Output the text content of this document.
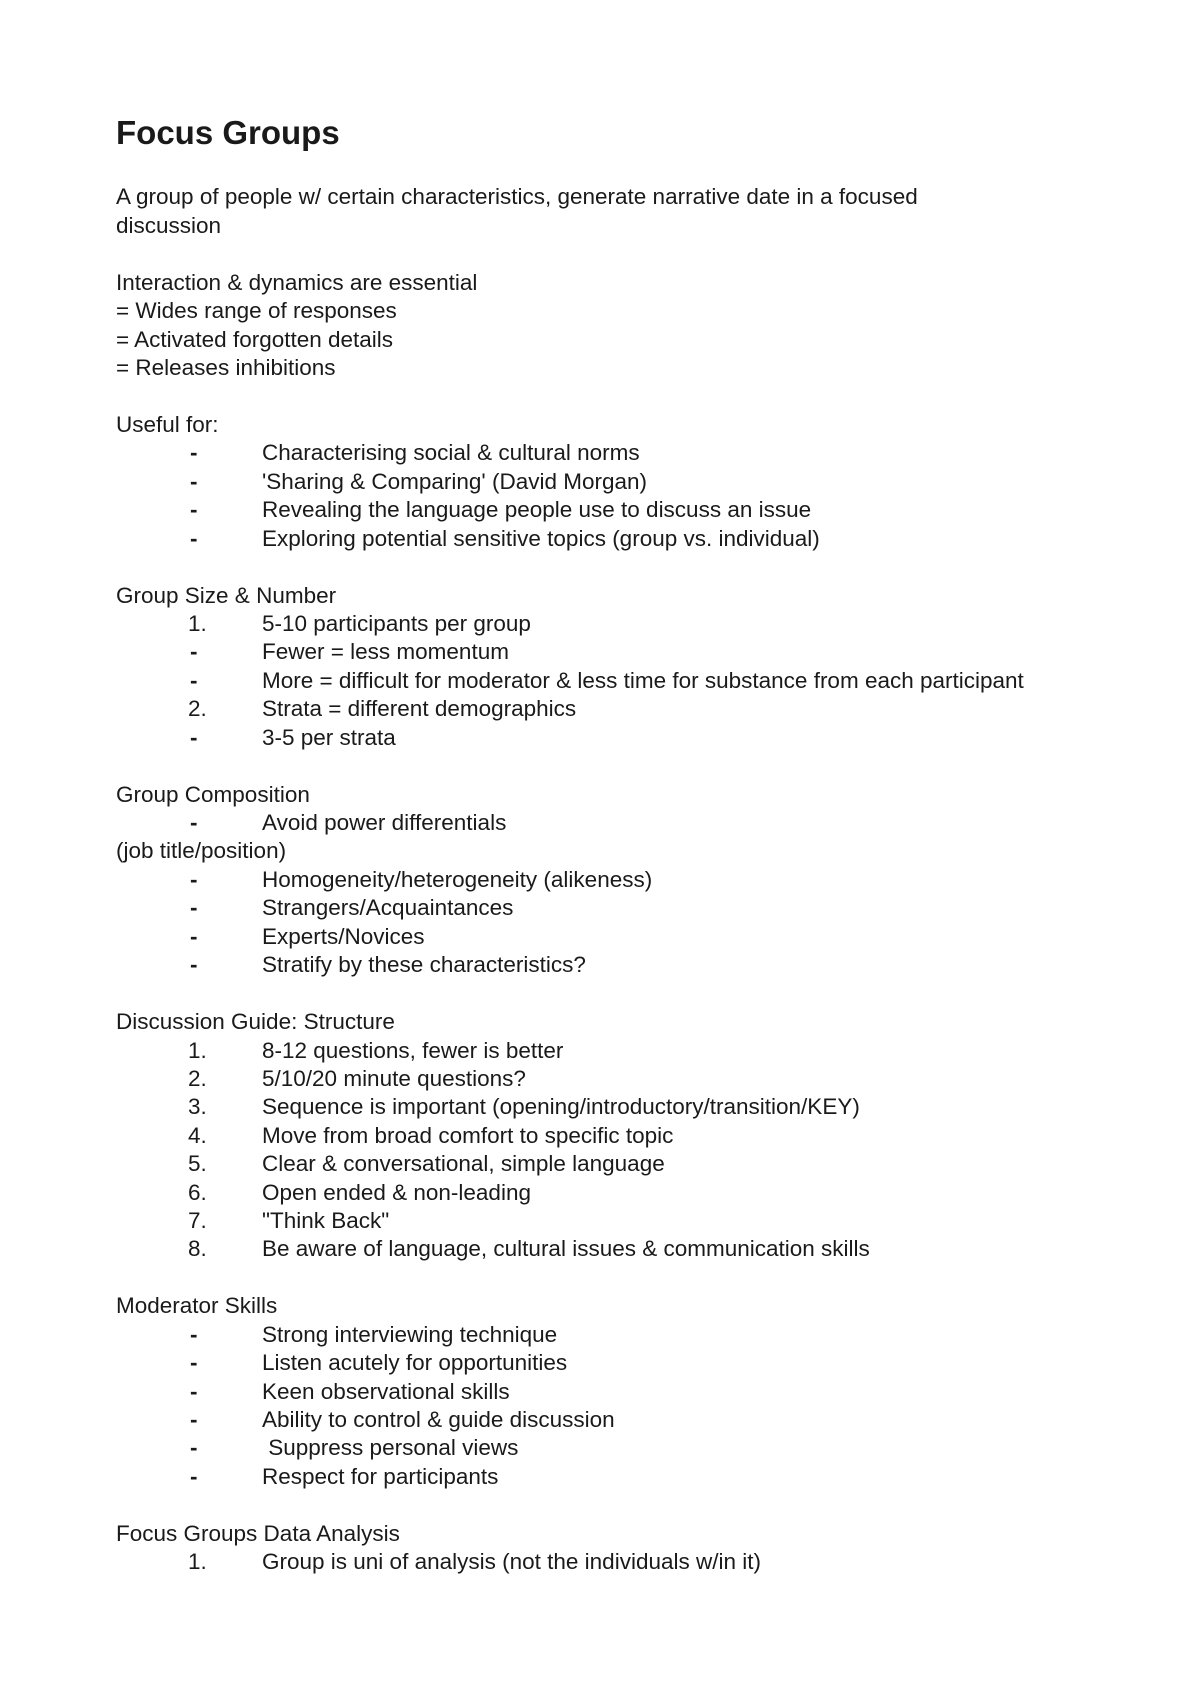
Focus Groups

A group of people w/ certain characteristics, generate narrative date in a focused discussion

Interaction & dynamics are essential
= Wides range of responses
= Activated forgotten details
= Releases inhibitions
Useful for:
-	Characterising social & cultural norms
-	'Sharing & Comparing' (David Morgan)
-	Revealing the language people use to discuss an issue
-	Exploring potential sensitive topics (group vs. individual)
Group Size & Number
1.	5-10 participants per group
-	Fewer = less momentum
-	More = difficult for moderator & less time for substance from each participant
2.	Strata = different demographics
-	3-5 per strata
Group Composition
-	Avoid power differentials
(job title/position)
-	Homogeneity/heterogeneity (alikeness)
-	Strangers/Acquaintances
-	Experts/Novices
-	Stratify by these characteristics?
Discussion Guide: Structure
1.	8-12 questions, fewer is better
2.	5/10/20 minute questions?
3.	Sequence is important (opening/introductory/transition/KEY)
4.	Move from broad comfort to specific topic
5.	Clear & conversational, simple language
6.	Open ended & non-leading
7.	"Think Back"
8.	Be aware of language, cultural issues & communication skills
Moderator Skills
-	Strong interviewing technique
-	Listen acutely for opportunities
-	Keen observational skills
-	Ability to control & guide discussion
-	Suppress personal views
-	Respect for participants
Focus Groups Data Analysis
1.	Group is uni of analysis (not the individuals w/in it)
